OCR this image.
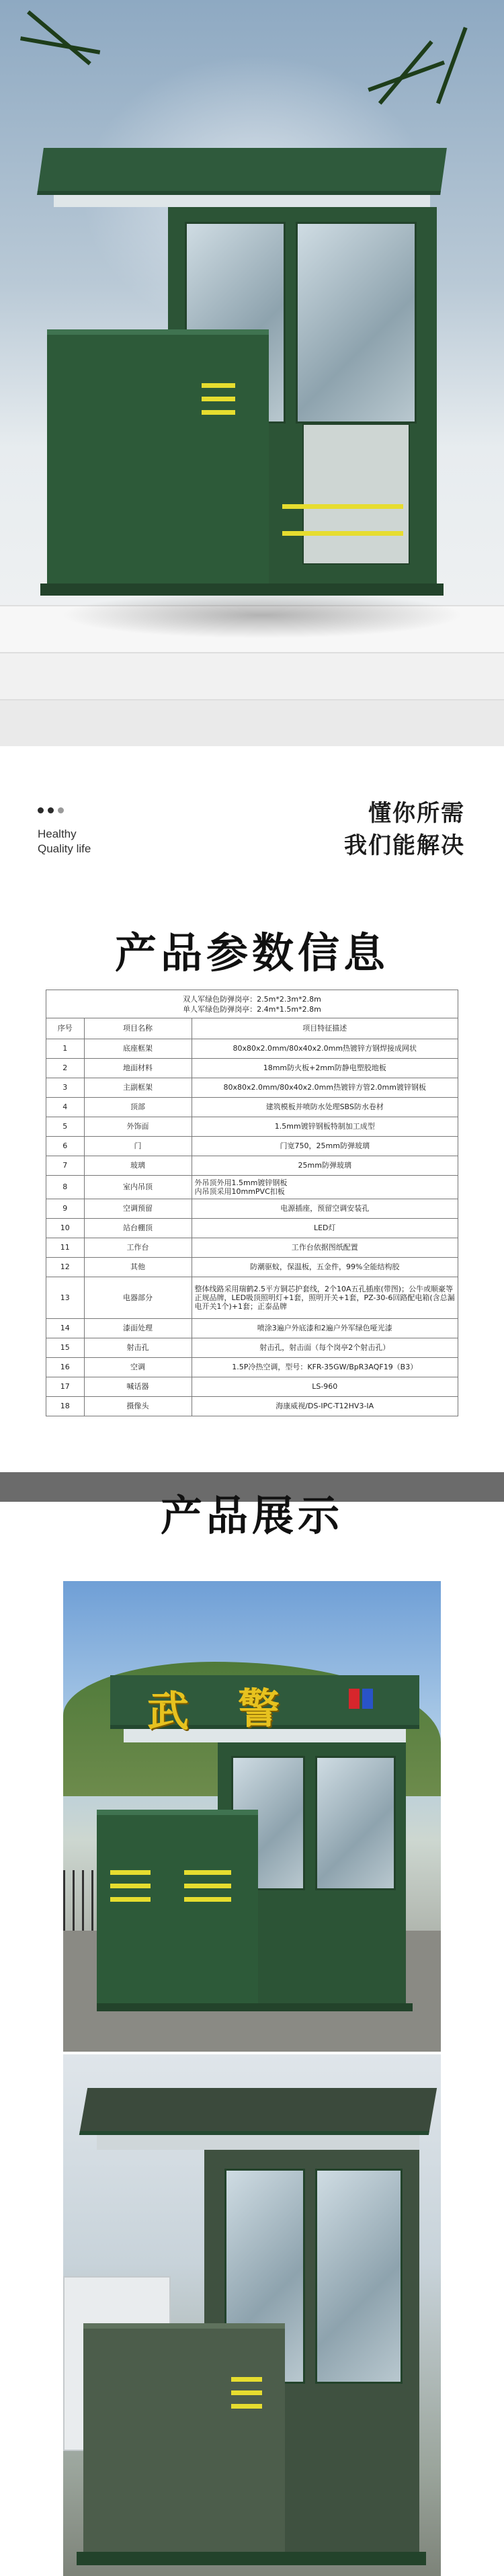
Healthy
Quality life
懂你所需
我们能解决
产品参数信息
双人军绿色防弹岗亭：2.5m*2.3m*2.8m
单人军绿色防弹岗亭：2.4m*1.5m*2.8m
序号	项目名称	项目特征描述
1	底座框架	80x80x2.0mm/80x40x2.0mm热镀锌方钢焊接成网状
2	地面材料	18mm防火板+2mm防静电塑胶地板
3	主副框架	80x80x2.0mm/80x40x2.0mm热镀锌方管2.0mm镀锌钢板
4	顶部	建筑模板并喷防水处理SBS防水卷材
5	外饰面	1.5mm镀锌钢板特制加工成型
6	门	门宽750，25mm防弹玻璃
7	玻璃	25mm防弹玻璃
8	室内吊顶	外吊顶外用1.5mm镀锌钢板
内吊顶采用10mmPVC扣板
9	空调预留	电源插座，预留空调安装孔
10	站台棚顶	LED灯
11	工作台	工作台依据图纸配置
12	其他	防潮驱蚊，保温板，五金件，99%全能结构胶
13	电器部分	整体线路采用瑞鹤2.5平方铜芯护套线，2个10A五孔插座(带图)；公牛或顺豪等正规品牌，LED吸顶照明灯+1套，照明开关+1套，PZ-30-6回路配电箱(含总漏电开关1个)+1套；正泰品牌
14	漆面处理	喷涂3遍户外底漆和2遍户外军绿色哑光漆
15	射击孔	射击孔，射击面（每个岗亭2个射击孔）
16	空调	1.5P冷热空调，型号：KFR-35GW/BpR3AQF19（B3）
17	喊话器	LS-960
18	摄像头	海康威视/DS-IPC-T12HV3-IA
产品展示
武 警
